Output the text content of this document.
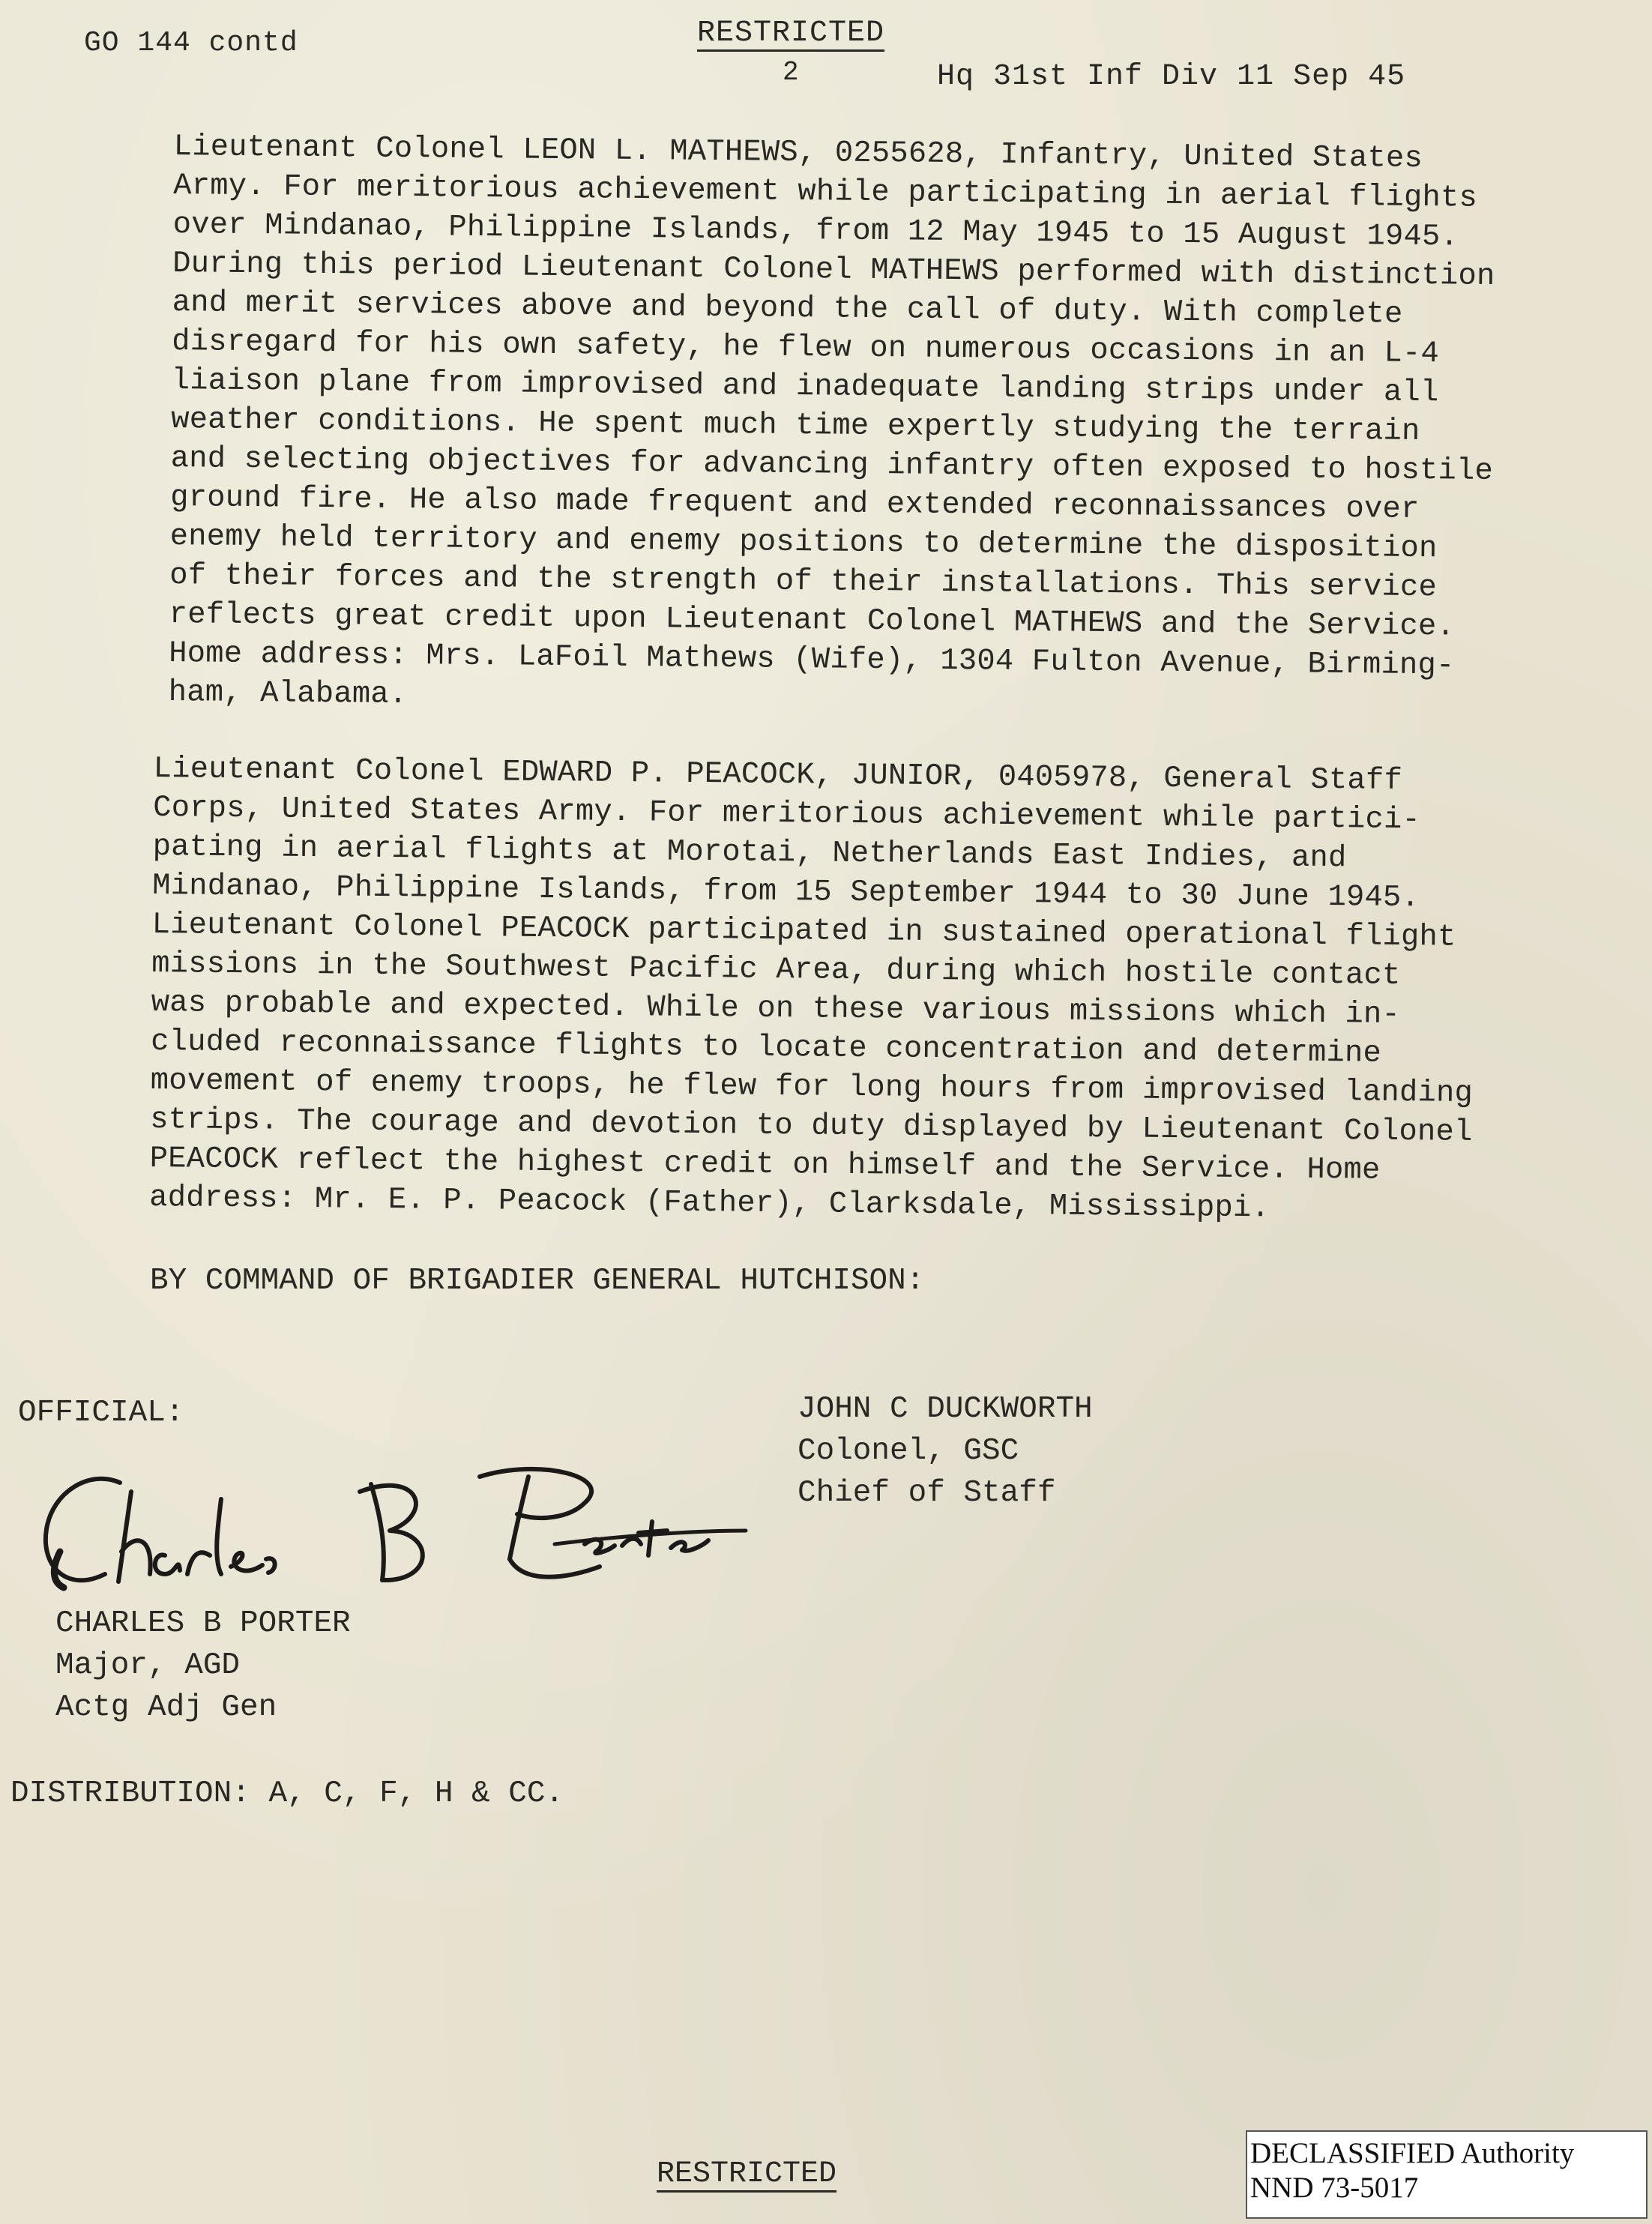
GO 144 contd	RESTRICTED
2	Hq 31st Inf Div 11 Sep 45
Lieutenant Colonel LEON L. MATHEWS, 0255628, Infantry, United States
Army. For meritorious achievement while participating in aerial flights
over Mindanao, Philippine Islands, from 12 May 1945 to 15 August 1945.
During this period Lieutenant Colonel MATHEWS performed with distinction
and merit services above and beyond the call of duty. With complete
disregard for his own safety, he flew on numerous occasions in an L-4
liaison plane from improvised and inadequate landing strips under all
weather conditions. He spent much time expertly studying the terrain
and selecting objectives for advancing infantry often exposed to hostile
ground fire. He also made frequent and extended reconnaissances over
enemy held territory and enemy positions to determine the disposition
of their forces and the strength of their installations. This service
reflects great credit upon Lieutenant Colonel MATHEWS and the Service.
Home address: Mrs. LaFoil Mathews (Wife), 1304 Fulton Avenue, Birming-
ham, Alabama.
Lieutenant Colonel EDWARD P. PEACOCK, JUNIOR, 0405978, General Staff
Corps, United States Army. For meritorious achievement while partici-
pating in aerial flights at Morotai, Netherlands East Indies, and
Mindanao, Philippine Islands, from 15 September 1944 to 30 June 1945.
Lieutenant Colonel PEACOCK participated in sustained operational flight
missions in the Southwest Pacific Area, during which hostile contact
was probable and expected. While on these various missions which in-
cluded reconnaissance flights to locate concentration and determine
movement of enemy troops, he flew for long hours from improvised landing
strips. The courage and devotion to duty displayed by Lieutenant Colonel
PEACOCK reflect the highest credit on himself and the Service. Home
address: Mr. E. P. Peacock (Father), Clarksdale, Mississippi.
BY COMMAND OF BRIGADIER GENERAL HUTCHISON:
OFFICIAL:	JOHN C DUCKWORTH
Colonel, GSC
Chief of Staff
CHARLES B PORTER
Major, AGD
Actg Adj Gen
DISTRIBUTION: A, C, F, H & CC.
RESTRICTED
DECLASSIFIED Authority
NND 73-5017
